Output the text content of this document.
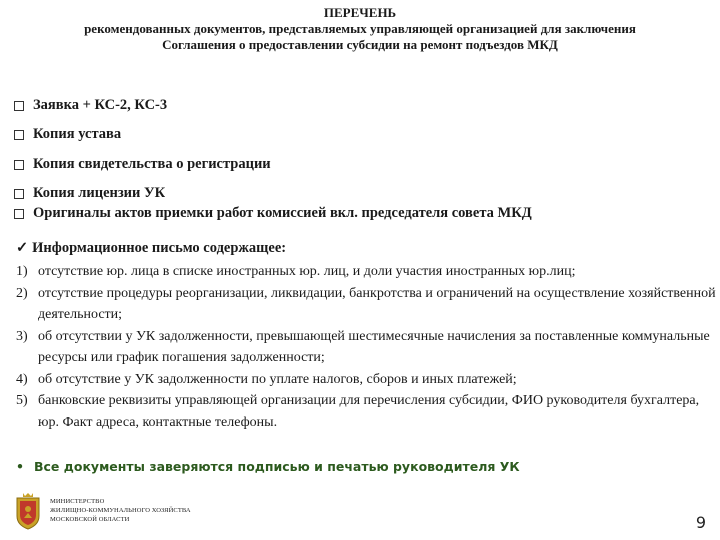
ПЕРЕЧЕНЬ
рекомендованных документов, представляемых управляющей организацией для заключения
Соглашения о предоставлении субсидии на ремонт подъездов МКД
Заявка + КС-2, КС-3
Копия устава
Копия свидетельства о регистрации
Копия лицензии УК
Оригиналы актов приемки работ комиссией вкл. председателя совета МКД
✓ Информационное письмо содержащее:
1) отсутствие юр. лица в списке иностранных юр. лиц, и доли участия иностранных юр.лиц;
2) отсутствие процедуры реорганизации, ликвидации, банкротства и ограничений на осуществление хозяйственной деятельности;
3) об отсутствии у УК задолженности, превышающей шестимесячные начисления за поставленные коммунальные ресурсы или график погашения задолженности;
4) об отсутствие у УК задолженности по уплате налогов, сборов и иных платежей;
5) банковские реквизиты управляющей организации для перечисления субсидии, ФИО руководителя бухгалтера, юр. Факт адреса, контактные телефоны.
• Все документы заверяются подписью и печатью руководителя УК
МИНИСТЕРСТВО
ЖИЛИЩНО-КОММУНАЛЬНОГО ХОЗЯЙСТВА
МОСКОВСКОЙ ОБЛАСТИ	9
